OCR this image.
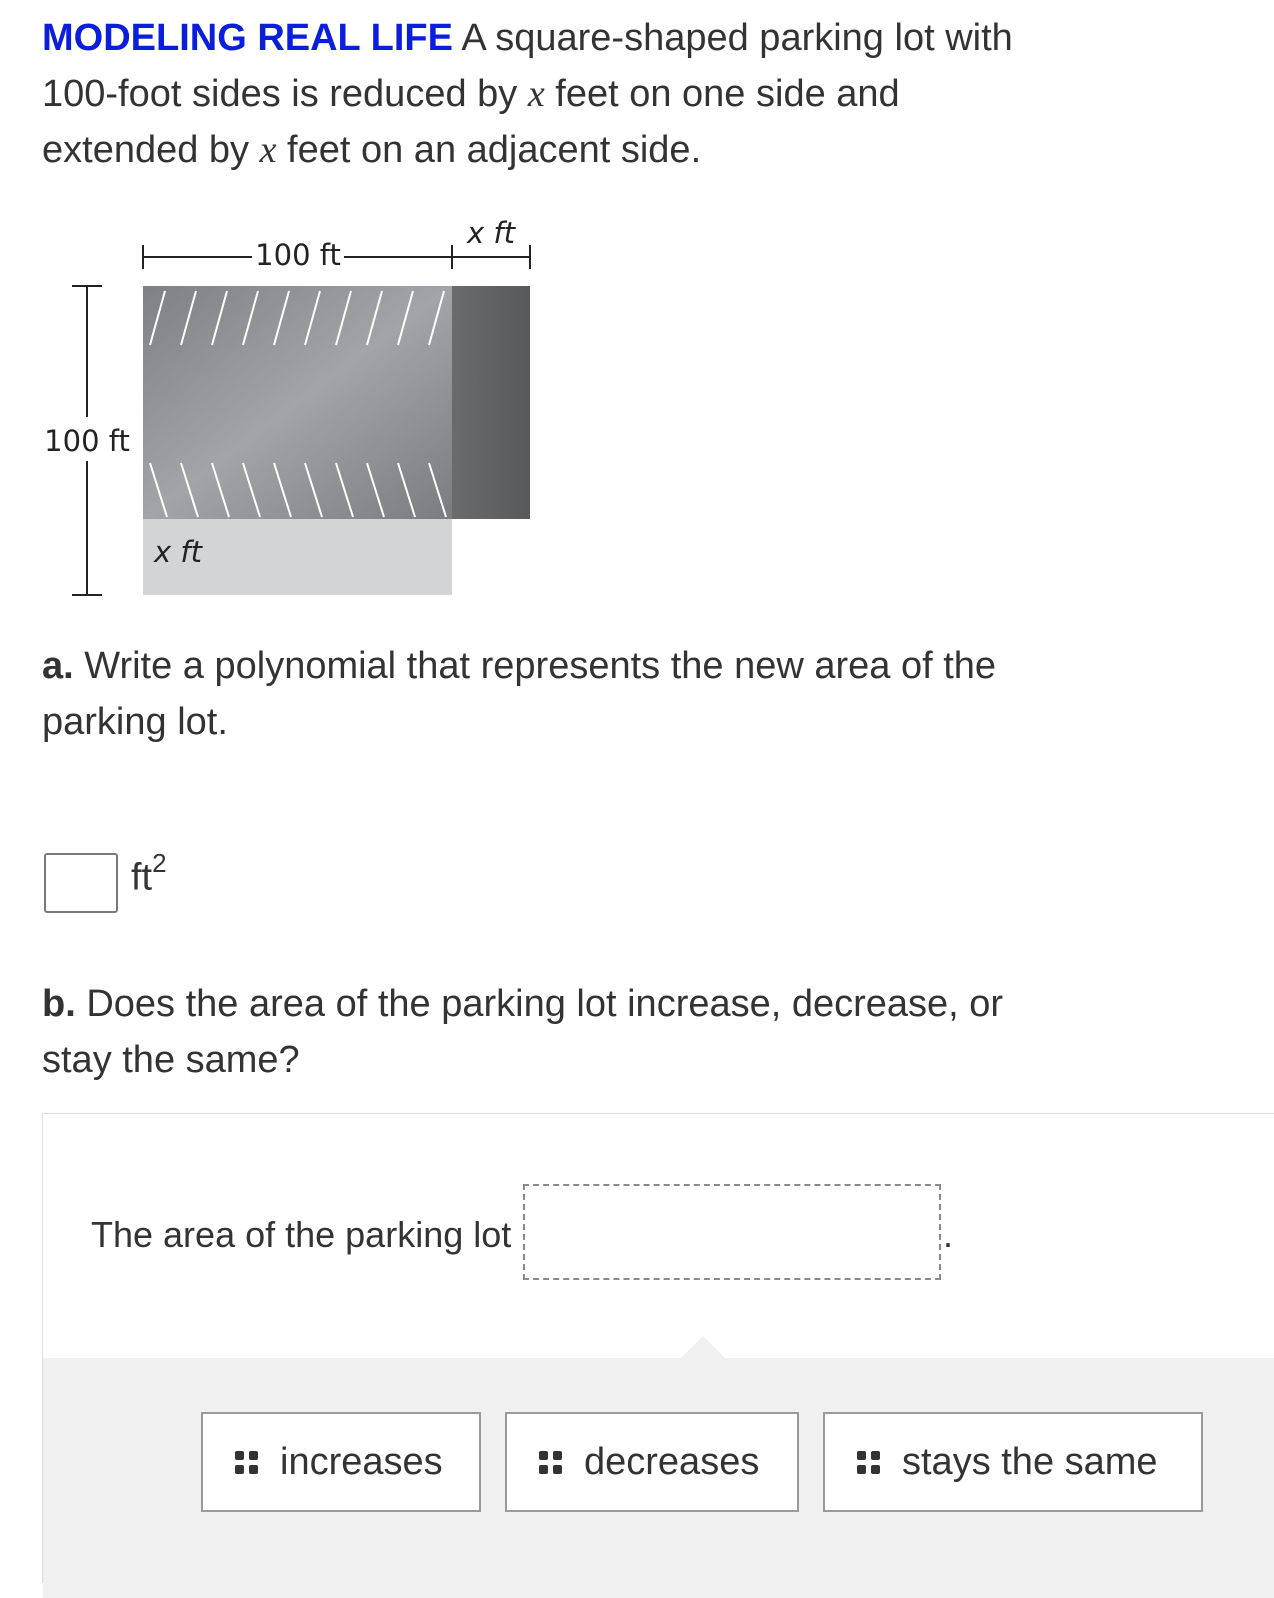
MODELING REAL LIFE A square-shaped parking lot with
100-foot sides is reduced by x feet on one side and
extended by x feet on an adjacent side.

100 ft
x ft
100 ft
x ft

a. Write a polynomial that represents the new area of the
parking lot.

$ft^2$

b. Does the area of the parking lot increase, decrease, or
stay the same?

The area of the parking lot	.
increases	decreases	stays the same
